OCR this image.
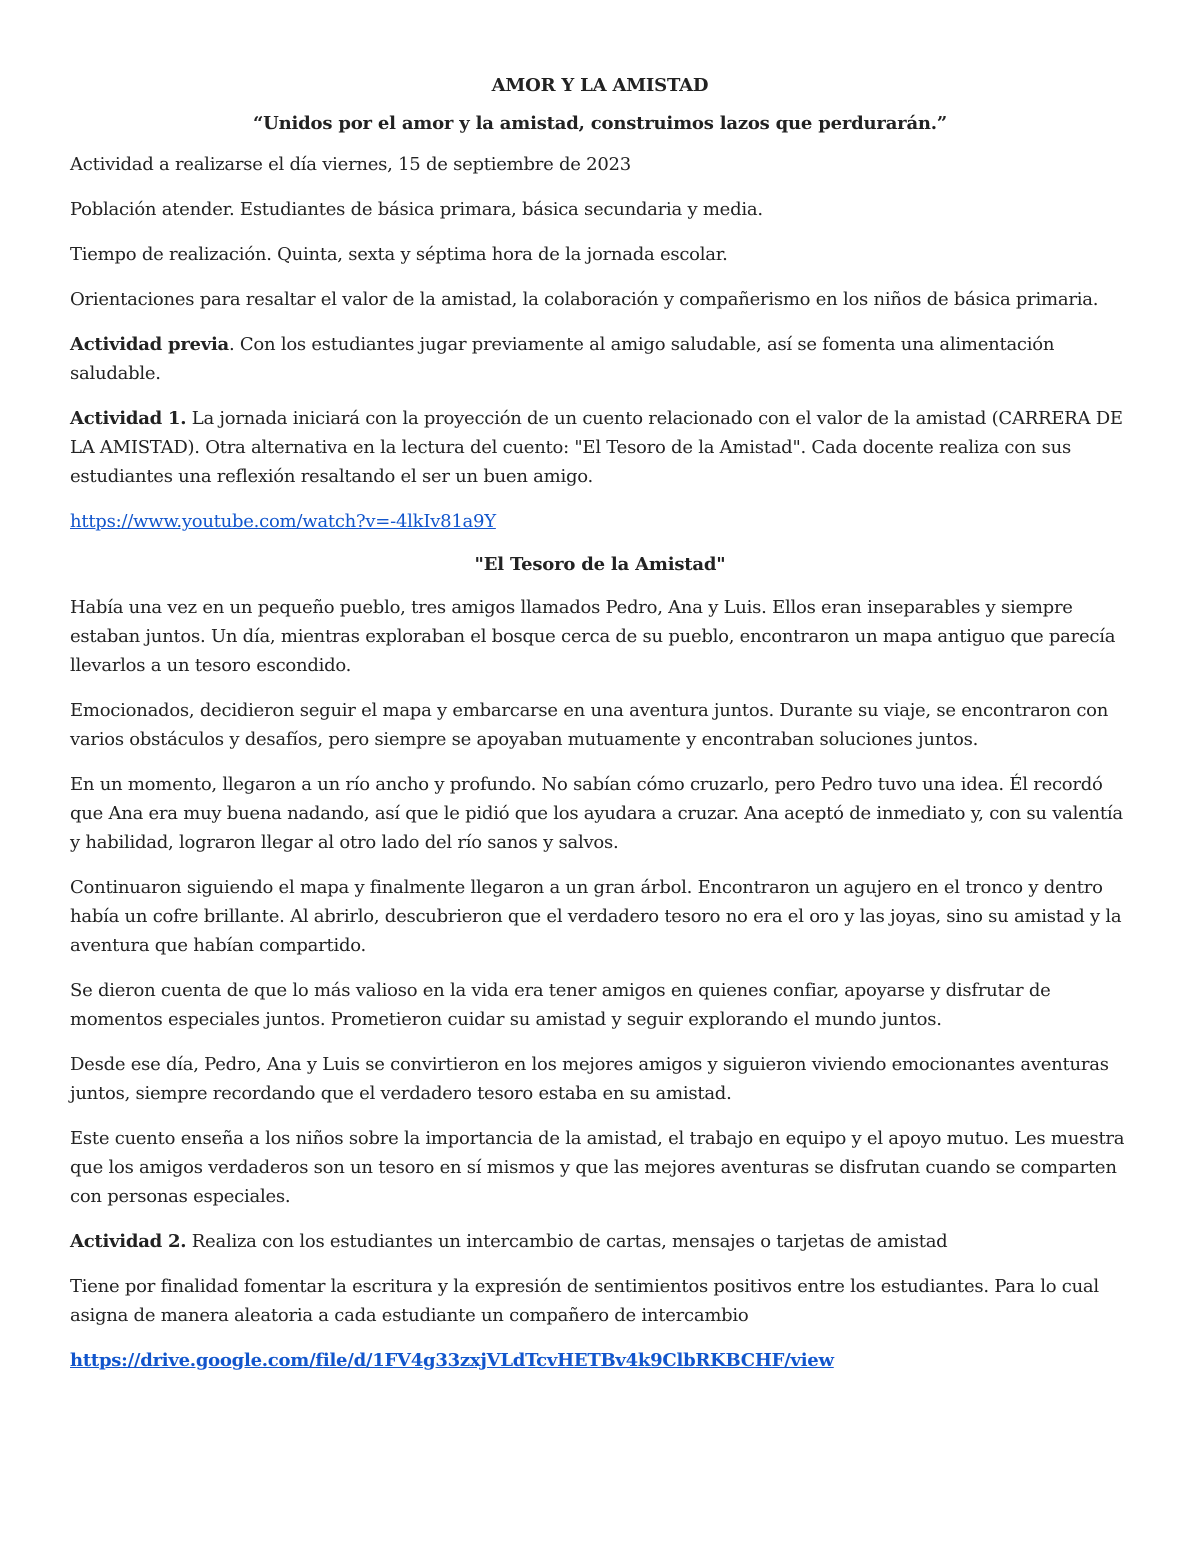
AMOR Y LA AMISTAD

“Unidos por el amor y la amistad, construimos lazos que perdurarán.”

Actividad a realizarse el día viernes, 15 de septiembre de 2023

Población atender. Estudiantes de básica primara, básica secundaria y media.

Tiempo de realización. Quinta, sexta y séptima hora de la jornada escolar.

Orientaciones para resaltar el valor de la amistad, la colaboración y compañerismo en los niños de básica primaria.

Actividad previa. Con los estudiantes jugar previamente al amigo saludable, así se fomenta una alimentación saludable.

Actividad 1. La jornada iniciará con la proyección de un cuento relacionado con el valor de la amistad (CARRERA DE LA AMISTAD). Otra alternativa en la lectura del cuento: "El Tesoro de la Amistad". Cada docente realiza con sus estudiantes una reflexión resaltando el ser un buen amigo.

https://www.youtube.com/watch?v=-4lkIv81a9Y

"El Tesoro de la Amistad"

Había una vez en un pequeño pueblo, tres amigos llamados Pedro, Ana y Luis. Ellos eran inseparables y siempre estaban juntos. Un día, mientras exploraban el bosque cerca de su pueblo, encontraron un mapa antiguo que parecía llevarlos a un tesoro escondido.

Emocionados, decidieron seguir el mapa y embarcarse en una aventura juntos. Durante su viaje, se encontraron con varios obstáculos y desafíos, pero siempre se apoyaban mutuamente y encontraban soluciones juntos.

En un momento, llegaron a un río ancho y profundo. No sabían cómo cruzarlo, pero Pedro tuvo una idea. Él recordó que Ana era muy buena nadando, así que le pidió que los ayudara a cruzar. Ana aceptó de inmediato y, con su valentía y habilidad, lograron llegar al otro lado del río sanos y salvos.

Continuaron siguiendo el mapa y finalmente llegaron a un gran árbol. Encontraron un agujero en el tronco y dentro había un cofre brillante. Al abrirlo, descubrieron que el verdadero tesoro no era el oro y las joyas, sino su amistad y la aventura que habían compartido.

Se dieron cuenta de que lo más valioso en la vida era tener amigos en quienes confiar, apoyarse y disfrutar de momentos especiales juntos. Prometieron cuidar su amistad y seguir explorando el mundo juntos.

Desde ese día, Pedro, Ana y Luis se convirtieron en los mejores amigos y siguieron viviendo emocionantes aventuras juntos, siempre recordando que el verdadero tesoro estaba en su amistad.

Este cuento enseña a los niños sobre la importancia de la amistad, el trabajo en equipo y el apoyo mutuo. Les muestra que los amigos verdaderos son un tesoro en sí mismos y que las mejores aventuras se disfrutan cuando se comparten con personas especiales.

Actividad 2. Realiza con los estudiantes un intercambio de cartas, mensajes o tarjetas de amistad

Tiene por finalidad fomentar la escritura y la expresión de sentimientos positivos entre los estudiantes. Para lo cual asigna de manera aleatoria a cada estudiante un compañero de intercambio

https://drive.google.com/file/d/1FV4g33zxjVLdTcvHETBv4k9ClbRKBCHF/view
